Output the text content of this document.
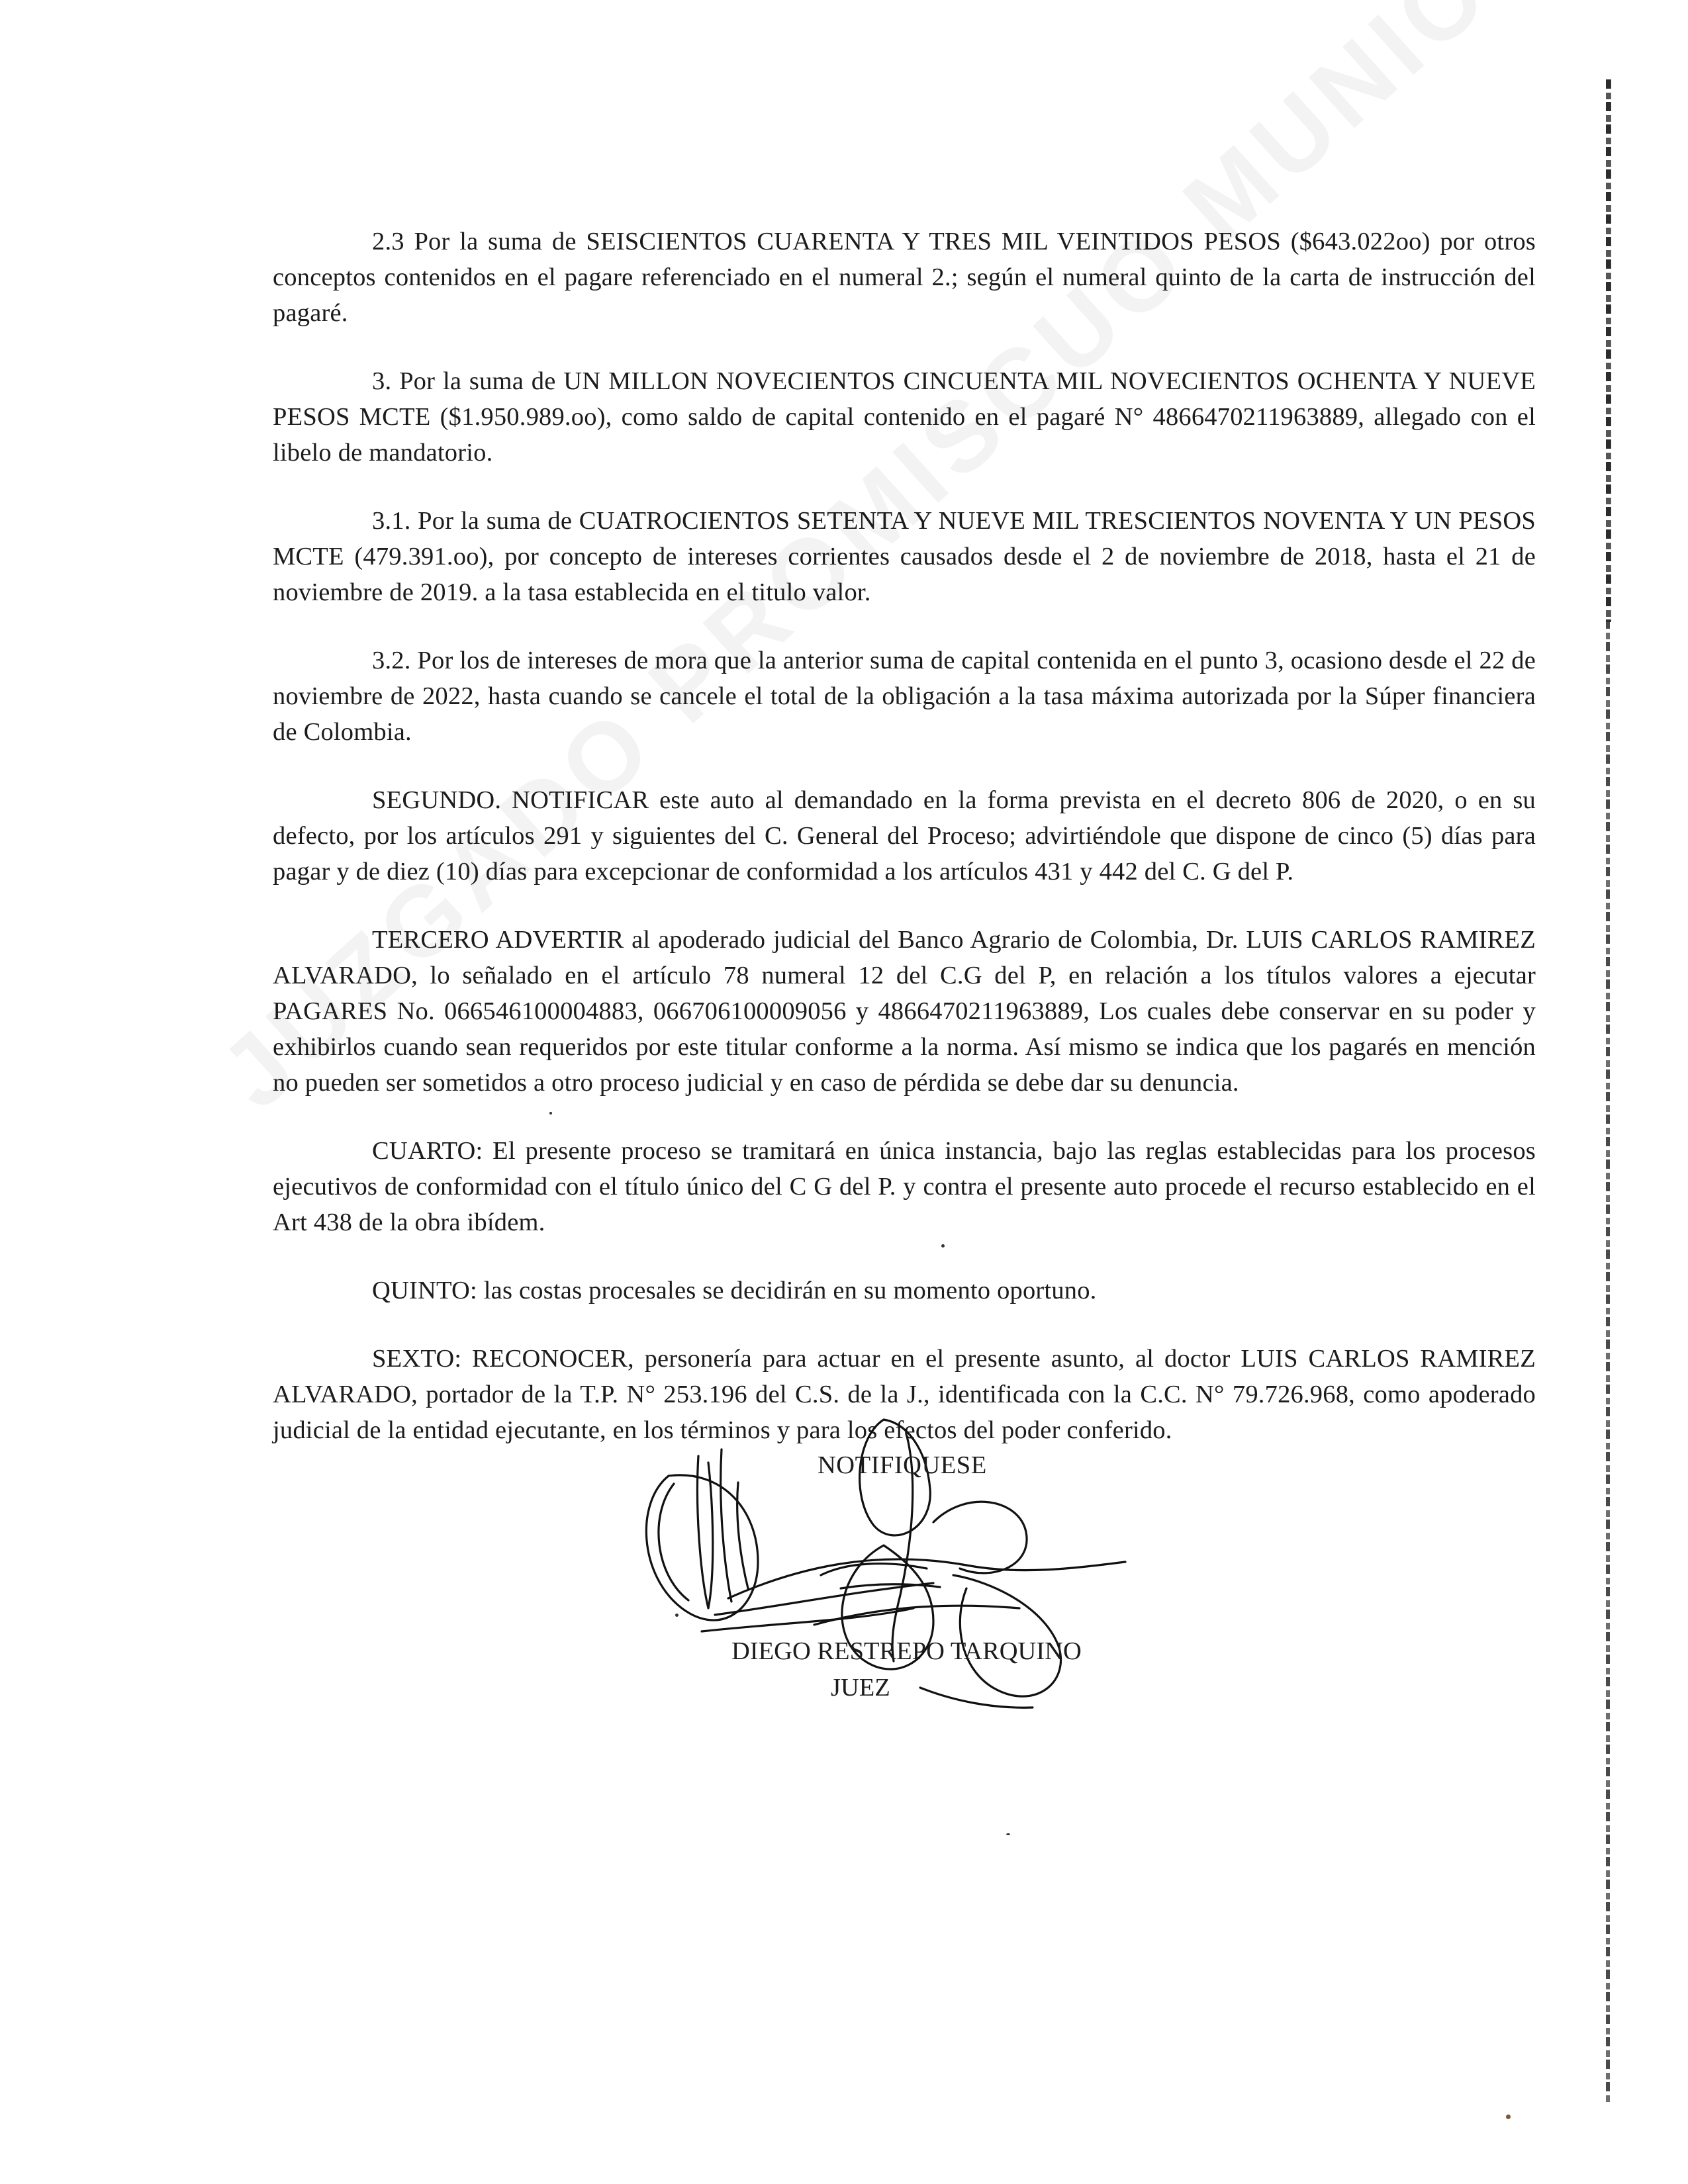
2.3 Por la suma de SEISCIENTOS CUARENTA Y TRES MIL VEINTIDOS PESOS ($643.022oo) por otros conceptos contenidos en el pagare referenciado en el numeral 2.; según el numeral quinto de la carta de instrucción del pagaré.

3. Por la suma de UN MILLON NOVECIENTOS CINCUENTA MIL NOVECIENTOS OCHENTA Y NUEVE PESOS MCTE ($1.950.989.oo), como saldo de capital contenido en el pagaré N° 4866470211963889, allegado con el libelo de mandatorio.

3.1. Por la suma de CUATROCIENTOS SETENTA Y NUEVE MIL TRESCIENTOS NOVENTA Y UN PESOS MCTE (479.391.oo), por concepto de intereses corrientes causados desde el 2 de noviembre de 2018, hasta el 21 de noviembre de 2019. a la tasa establecida en el titulo valor.

3.2. Por los de intereses de mora que la anterior suma de capital contenida en el punto 3, ocasiono desde el 22 de noviembre de 2022, hasta cuando se cancele el total de la obligación a la tasa máxima autorizada por la Súper financiera de Colombia.

SEGUNDO. NOTIFICAR este auto al demandado en la forma prevista en el decreto 806 de 2020, o en su defecto, por los artículos 291 y siguientes del C. General del Proceso; advirtiéndole que dispone de cinco (5) días para pagar y de diez (10) días para excepcionar de conformidad a los artículos 431 y 442 del C. G del P.

TERCERO ADVERTIR al apoderado judicial del Banco Agrario de Colombia, Dr. LUIS CARLOS RAMIREZ ALVARADO, lo señalado en el artículo 78 numeral 12 del C.G del P, en relación a los títulos valores a ejecutar PAGARES No. 066546100004883, 066706100009056 y 4866470211963889, Los cuales debe conservar en su poder y exhibirlos cuando sean requeridos por este titular conforme a la norma. Así mismo se indica que los pagarés en mención no pueden ser sometidos a otro proceso judicial y en caso de pérdida se debe dar su denuncia.

CUARTO: El presente proceso se tramitará en única instancia, bajo las reglas establecidas para los procesos ejecutivos de conformidad con el título único del C G del P. y contra el presente auto procede el recurso establecido en el Art 438 de la obra ibídem.

QUINTO: las costas procesales se decidirán en su momento oportuno.

SEXTO: RECONOCER, personería para actuar en el presente asunto, al doctor LUIS CARLOS RAMIREZ ALVARADO, portador de la T.P. N° 253.196 del C.S. de la J., identificada con la C.C. N° 79.726.968, como apoderado judicial de la entidad ejecutante, en los términos y para los efectos del poder conferido.

NOTIFIQUESE
DIEGO RESTREPO TARQUINO
JUEZ
